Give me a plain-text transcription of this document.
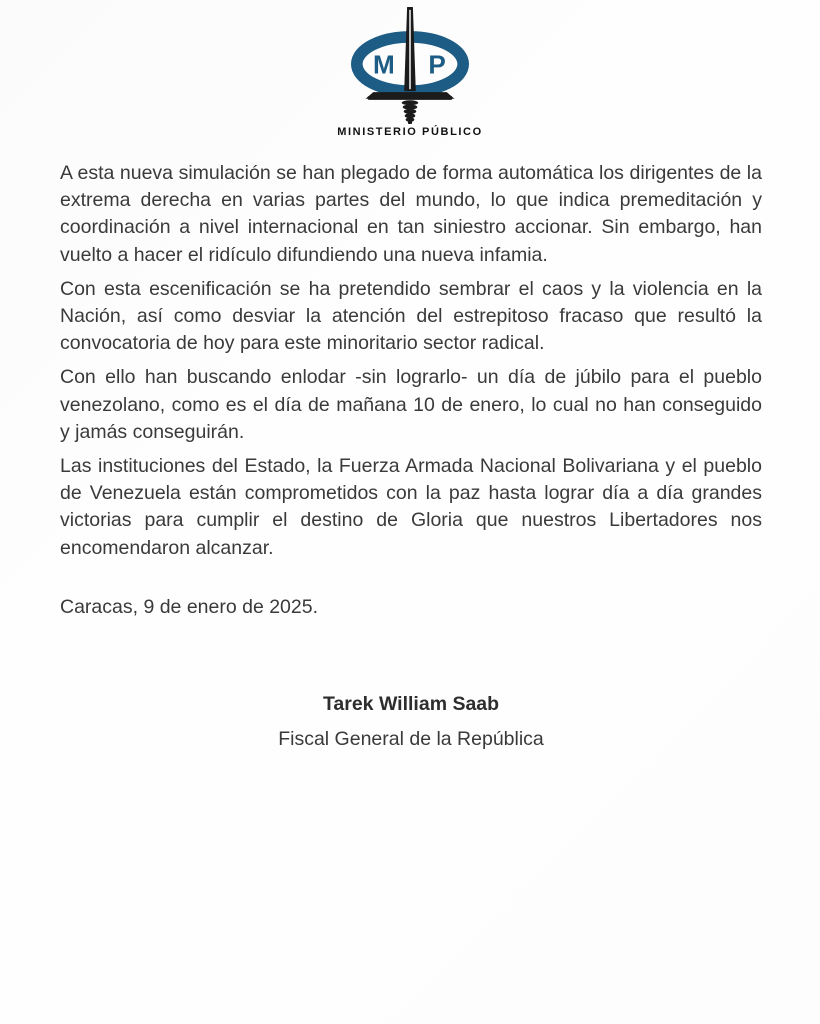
M P
MINISTERIO PÚBLICO

A esta nueva simulación se han plegado de forma automática los dirigentes de la extrema derecha en varias partes del mundo, lo que indica premeditación y coordinación a nivel internacional en tan siniestro accionar. Sin embargo, han vuelto a hacer el ridículo difundiendo una nueva infamia.

Con esta escenificación se ha pretendido sembrar el caos y la violencia en la Nación, así como desviar la atención del estrepitoso fracaso que resultó la convocatoria de hoy para este minoritario sector radical.

Con ello han buscando enlodar -sin lograrlo- un día de júbilo para el pueblo venezolano, como es el día de mañana 10 de enero, lo cual no han conseguido y jamás conseguirán.

Las instituciones del Estado, la Fuerza Armada Nacional Bolivariana y el pueblo de Venezuela están comprometidos con la paz hasta lograr día a día grandes victorias para cumplir el destino de Gloria que nuestros Libertadores nos encomendaron alcanzar.

Caracas, 9 de enero de 2025.

Tarek William Saab
Fiscal General de la República
